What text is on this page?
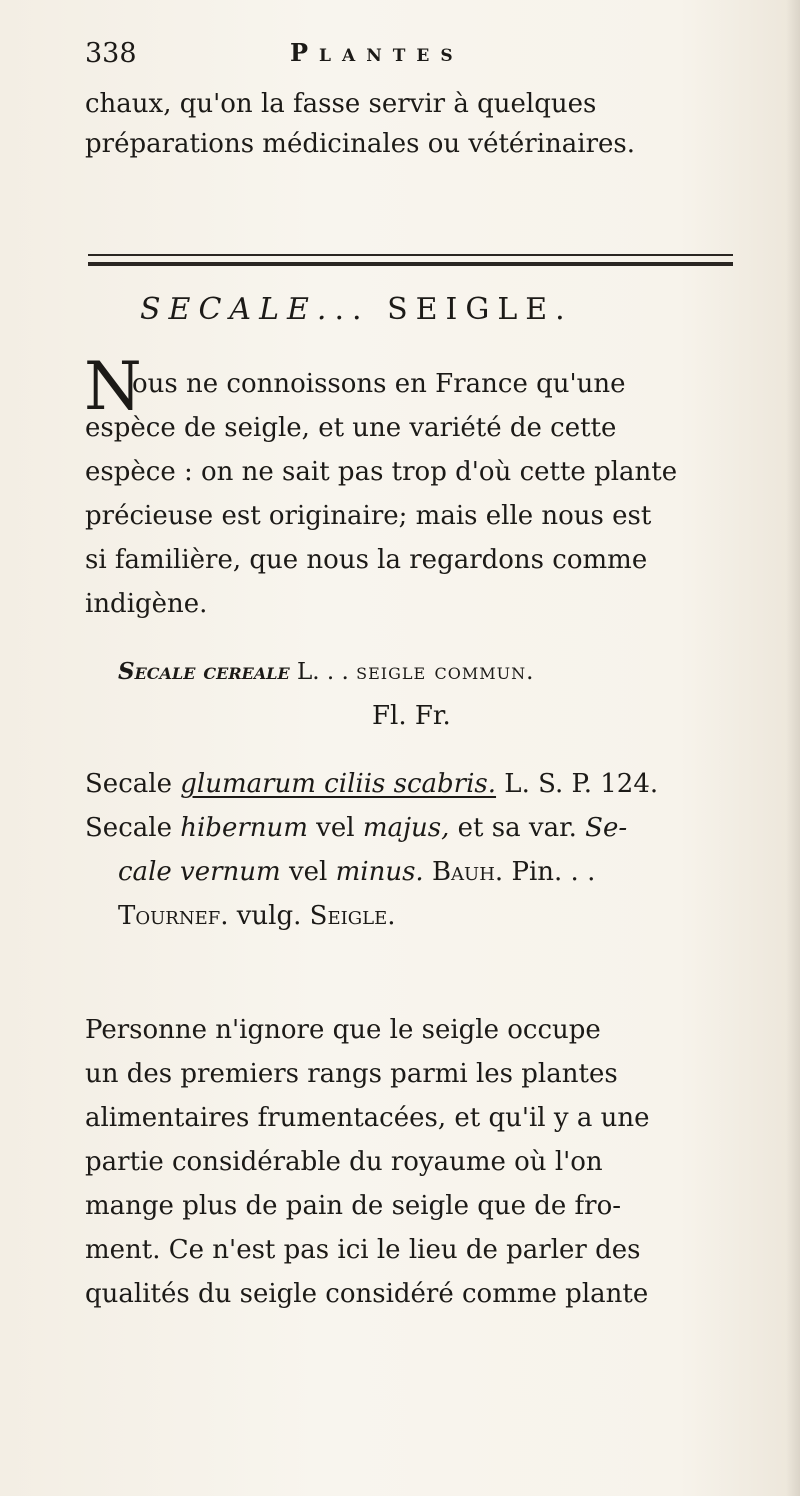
338	Plantes
chaux, qu'on la fasse servir à quelques
préparations médicinales ou vétérinaires.
SECALE... SEIGLE.
N
ous ne connoissons en France qu'une
espèce de seigle, et une variété de cette
espèce : on ne sait pas trop d'où cette plante
précieuse est originaire; mais elle nous est
si familière, que nous la regardons comme
indigène.
Secale cereale L. . . seigle commun.
Fl. Fr.
Secale glumarum ciliis scabris. L. S. P. 124.
Secale hibernum vel majus, et sa var. Se-
cale vernum vel minus. Bauh. Pin. . .
Tournef. vulg. Seigle.
Personne n'ignore que le seigle occupe
un des premiers rangs parmi les plantes
alimentaires frumentacées, et qu'il y a une
partie considérable du royaume où l'on
mange plus de pain de seigle que de fro-
ment. Ce n'est pas ici le lieu de parler des
qualités du seigle considéré comme plante
